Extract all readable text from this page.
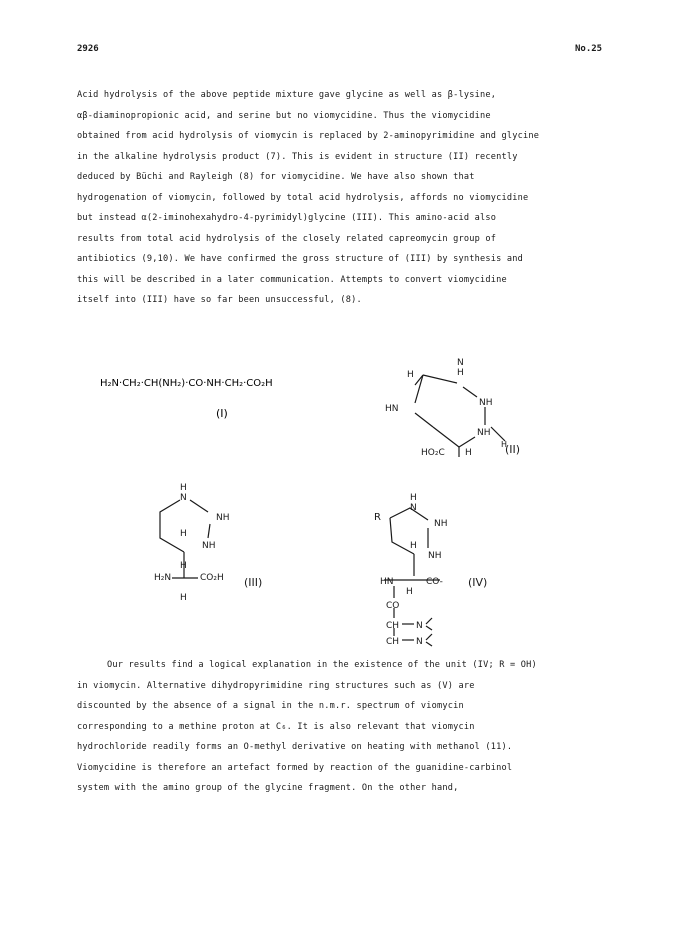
2926	No.25
Acid hydrolysis of the above peptide mixture gave glycine as well as β-lysine,
αβ-diaminopropionic acid, and serine but no viomycidine. Thus the viomycidine
obtained from acid hydrolysis of viomycin is replaced by 2-aminopyrimidine and glycine
in the alkaline hydrolysis product (7). This is evident in structure (II) recently
deduced by Büchi and Rayleigh (8) for viomycidine. We have also shown that
hydrogenation of viomycin, followed by total acid hydrolysis, affords no viomycidine
but instead α(2-iminohexahydro-4-pyrimidyl)glycine (III). This amino-acid also
results from total acid hydrolysis of the closely related capreomycin group of
antibiotics (9,10). We have confirmed the gross structure of (III) by synthesis and
this will be described in a later communication. Attempts to convert viomycidine
itself into (III) have so far been unsuccessful, (8).
H₂N·CH₂·CH(NH₂)·CO·NH·CH₂·CO₂H
(I)
H
N
H
NH
HN
NH
H
HO₂C H	(II)
H
N
NH
H
NH
H₂N
H
CO₂H
H
(III)
H
N
R
NH
H
NH
HN
H
CO-
CO
CH N
CH N
(IV)
Our results find a logical explanation in the existence of the unit (IV; R = OH)
in viomycin. Alternative dihydropyrimidine ring structures such as (V) are
discounted by the absence of a signal in the n.m.r. spectrum of viomycin
corresponding to a methine proton at C₆. It is also relevant that viomycin
hydrochloride readily forms an O-methyl derivative on heating with methanol (11).
Viomycidine is therefore an artefact formed by reaction of the guanidine-carbinol
system with the amino group of the glycine fragment. On the other hand,
